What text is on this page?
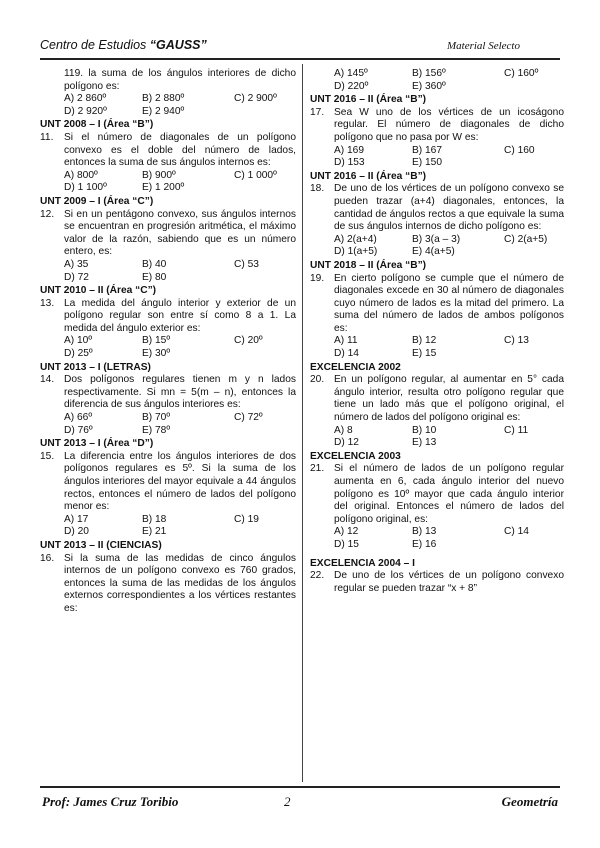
Centro de Estudios “GAUSS”	Material Selecto
119. la suma de los ángulos interiores de dicho polígono es:
A) 2 860º	B) 2 880º	C) 2 900º
D) 2 920º	E) 2 940º
UNT 2008 – I (Área “B”)
11.	Si el número de diagonales de un polígono convexo es el doble del número de lados, entonces la suma de sus ángulos internos es:
A) 800º	B) 900º	C) 1 000º
D) 1 100º	E) 1 200º
UNT 2009 – I (Área “C”)
12. Si en un pentágono convexo, sus ángulos internos se encuentran en progresión aritmética, el máximo valor de la razón, sabiendo que es un número entero, es:
A) 35	B) 40	C) 53
D) 72	E) 80
UNT 2010 – II (Área “C”)
13. La medida del ángulo interior y exterior de un polígono regular son entre sí como 8 a 1. La medida del ángulo exterior es:
A) 10º	B) 15º	C) 20º
D) 25º	E) 30º
UNT 2013 – I (LETRAS)
14. Dos polígonos regulares tienen m y n lados respectivamente. Si mn = 5(m – n), entonces la diferencia de sus ángulos interiores es:
A) 66º	B) 70º	C) 72º
D) 76º	E) 78º
UNT 2013 – I (Área “D”)
15. La diferencia entre los ángulos interiores de dos polígonos regulares es 5º. Si la suma de los ángulos interiores del mayor equivale a 44 ángulos rectos, entonces el número de lados del polígono menor es:
A) 17	B) 18	C) 19
D) 20	E) 21
UNT 2013 – II (CIENCIAS)
16. Si la suma de las medidas de cinco ángulos internos de un polígono convexo es 760 grados, entonces la suma de las medidas de los ángulos externos correspondientes a los vértices restantes es:
A) 145º	B) 156º	C) 160º
D) 220º	E) 360º
UNT 2016 – II (Área “B”)
17. Sea W uno de los vértices de un icoságono regular. El número de diagonales de dicho polígono que no pasa por W es:
A) 169	B) 167	C) 160
D) 153	E) 150
UNT 2016 – II (Área “B”)
18. De uno de los vértices de un polígono convexo se pueden trazar (a+4) diagonales, entonces, la cantidad de ángulos rectos a que equivale la suma de sus ángulos internos de dicho polígono es:
A) 2(a+4)	B) 3(a – 3)	C) 2(a+5)
D) 1(a+5)	E) 4(a+5)
UNT 2018 – II (Área “B”)
19. En cierto polígono se cumple que el número de diagonales excede en 30 al número de diagonales cuyo número de lados es la mitad del primero. La suma del número de lados de ambos polígonos es:
A) 11	B) 12	C) 13
D) 14	E) 15
EXCELENCIA 2002
20. En un polígono regular, al aumentar en 5° cada ángulo interior, resulta otro polígono regular que tiene un lado más que el polígono original, el número de lados del polígono original es:
A) 8	B) 10	C) 11
D) 12	E) 13
EXCELENCIA 2003
21. Si el número de lados de un polígono regular aumenta en 6, cada ángulo interior del nuevo polígono es 10º mayor que cada ángulo interior del original. Entonces el número de lados del polígono original, es:
A) 12	B) 13	C) 14
D) 15	E) 16
EXCELENCIA 2004 – I
22. De uno de los vértices de un polígono convexo regular se pueden trazar “x + 8”
Prof: James Cruz Toribio	2	Geometría
